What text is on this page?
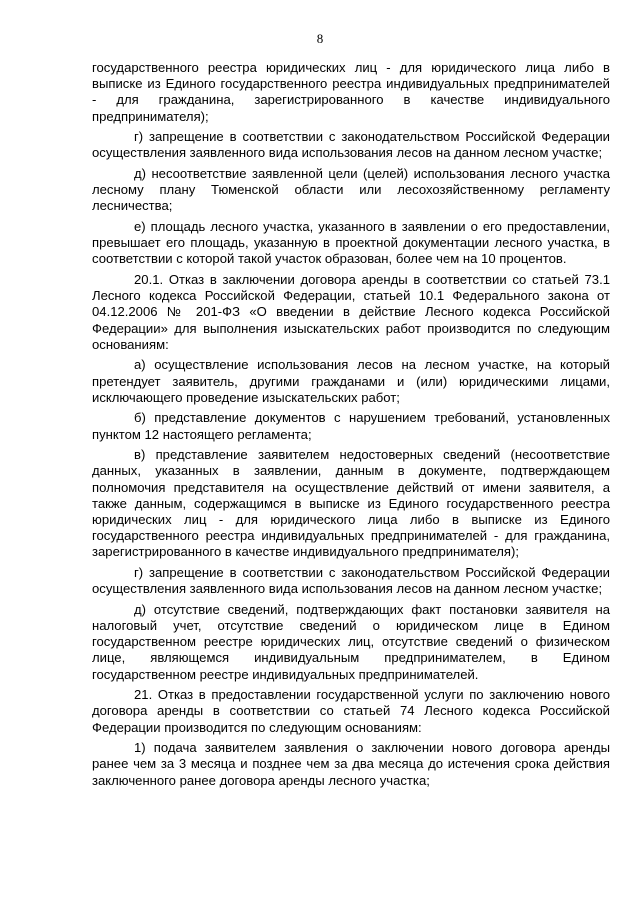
8

государственного реестра юридических лиц - для юридического лица либо в выписке из Единого государственного реестра индивидуальных предпринимателей - для гражданина, зарегистрированного в качестве индивидуального предпринимателя);

г) запрещение в соответствии с законодательством Российской Федерации осуществления заявленного вида использования лесов на данном лесном участке;

д) несоответствие заявленной цели (целей) использования лесного участка лесному плану Тюменской области или лесохозяйственному регламенту лесничества;

е) площадь лесного участка, указанного в заявлении о его предоставлении, превышает его площадь, указанную в проектной документации лесного участка, в соответствии с которой такой участок образован, более чем на 10 процентов.

20.1. Отказ в заключении договора аренды в соответствии со статьей 73.1 Лесного кодекса Российской Федерации, статьей 10.1 Федерального закона от 04.12.2006 № 201-ФЗ «О введении в действие Лесного кодекса Российской Федерации» для выполнения изыскательских работ производится по следующим основаниям:

а) осуществление использования лесов на лесном участке, на который претендует заявитель, другими гражданами и (или) юридическими лицами, исключающего проведение изыскательских работ;

б) представление документов с нарушением требований, установленных пунктом 12 настоящего регламента;

в) представление заявителем недостоверных сведений (несоответствие данных, указанных в заявлении, данным в документе, подтверждающем полномочия представителя на осуществление действий от имени заявителя, а также данным, содержащимся в выписке из Единого государственного реестра юридических лиц - для юридического лица либо в выписке из Единого государственного реестра индивидуальных предпринимателей - для гражданина, зарегистрированного в качестве индивидуального предпринимателя);

г) запрещение в соответствии с законодательством Российской Федерации осуществления заявленного вида использования лесов на данном лесном участке;

д) отсутствие сведений, подтверждающих факт постановки заявителя на налоговый учет, отсутствие сведений о юридическом лице в Едином государственном реестре юридических лиц, отсутствие сведений о физическом лице, являющемся индивидуальным предпринимателем, в Едином государственном реестре индивидуальных предпринимателей.

21. Отказ в предоставлении государственной услуги по заключению нового договора аренды в соответствии со статьей 74 Лесного кодекса Российской Федерации производится по следующим основаниям:

1) подача заявителем заявления о заключении нового договора аренды ранее чем за 3 месяца и позднее чем за два месяца до истечения срока действия заключенного ранее договора аренды лесного участка;
